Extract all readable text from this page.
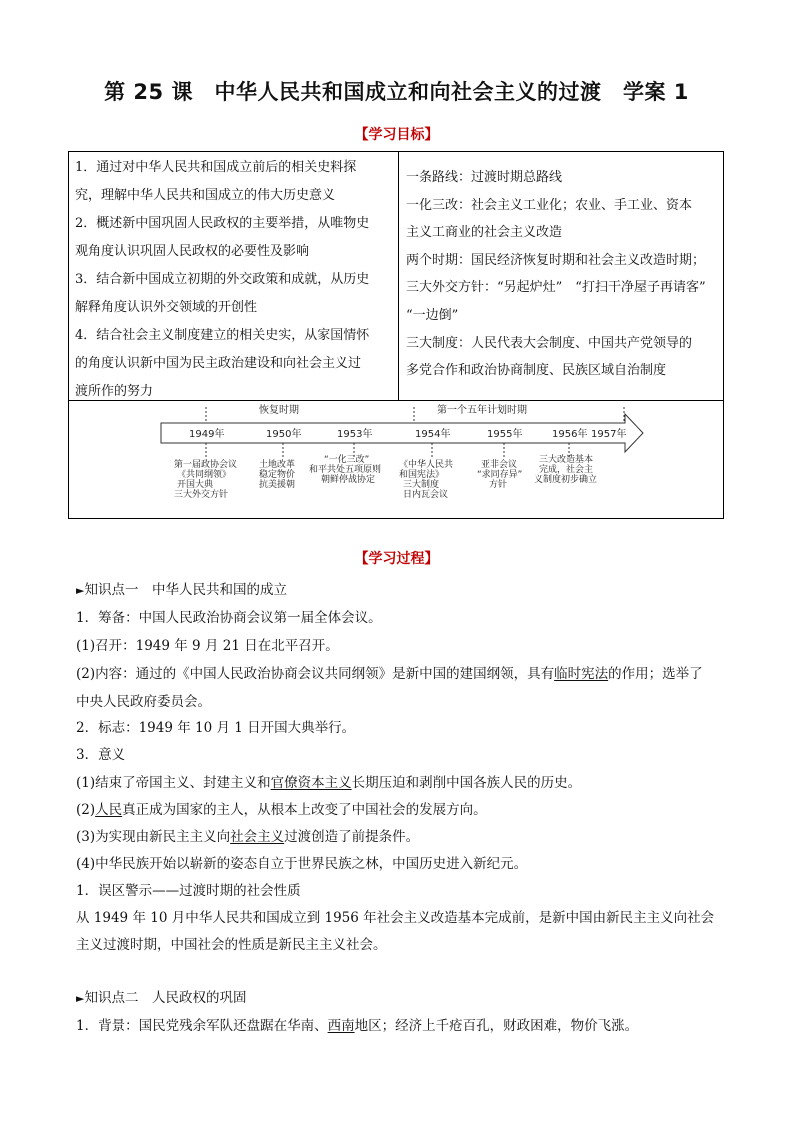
第 25 课　中华人民共和国成立和向社会主义的过渡　学案 1
【学习目标】

1．通过对中华人民共和国成立前后的相关史料探

究，理解中华人民共和国成立的伟大历史意义

2．概述新中国巩固人民政权的主要举措，从唯物史

观角度认识巩固人民政权的必要性及影响

3．结合新中国成立初期的外交政策和成就，从历史

解释角度认识外交领域的开创性

4．结合社会主义制度建立的相关史实，从家国情怀

的角度认识新中国为民主政治建设和向社会主义过

渡所作的努力

一条路线：过渡时期总路线

一化三改：社会主义工业化；农业、手工业、资本

主义工商业的社会主义改造

两个时期：国民经济恢复时期和社会主义改造时期；

三大外交方针：“另起炉灶”　“打扫干净屋子再请客”

“一边倒”

三大制度：人民代表大会制度、中国共产党领导的

多党合作和政治协商制度、民族区域自治制度

恢复时期	第一个五年计划时期
1949年	1950年	1953年	1954年	1955年	1956年 1957年
第一届政协会议
《共同纲领》
开国大典
三大外交方针
土地改革
稳定物价
抗美援朝
“一化三改”
和平共处五项原则
朝鲜停战协定
《中华人民共
和国宪法》
三大制度
日内瓦会议
亚非会议
“求同存异”
方针
三大改造基本
完成，社会主
义制度初步确立
【学习过程】
►知识点一　中华人民共和国的成立
1．筹备：中国人民政治协商会议第一届全体会议。
(1)召开：1949 年 9 月 21 日在北平召开。
(2)内容：通过的《中国人民政治协商会议共同纲领》是新中国的建国纲领，具有临时宪法的作用；选举了
中央人民政府委员会。
2．标志：1949 年 10 月 1 日开国大典举行。
3．意义
(1)结束了帝国主义、封建主义和官僚资本主义长期压迫和剥削中国各族人民的历史。
(2)人民真正成为国家的主人，从根本上改变了中国社会的发展方向。
(3)为实现由新民主主义向社会主义过渡创造了前提条件。
(4)中华民族开始以崭新的姿态自立于世界民族之林，中国历史进入新纪元。
1．误区警示——过渡时期的社会性质
从 1949 年 10 月中华人民共和国成立到 1956 年社会主义改造基本完成前，是新中国由新民主主义向社会
主义过渡时期，中国社会的性质是新民主主义社会。
►知识点二　人民政权的巩固
1．背景：国民党残余军队还盘踞在华南、西南地区；经济上千疮百孔，财政困难，物价飞涨。
